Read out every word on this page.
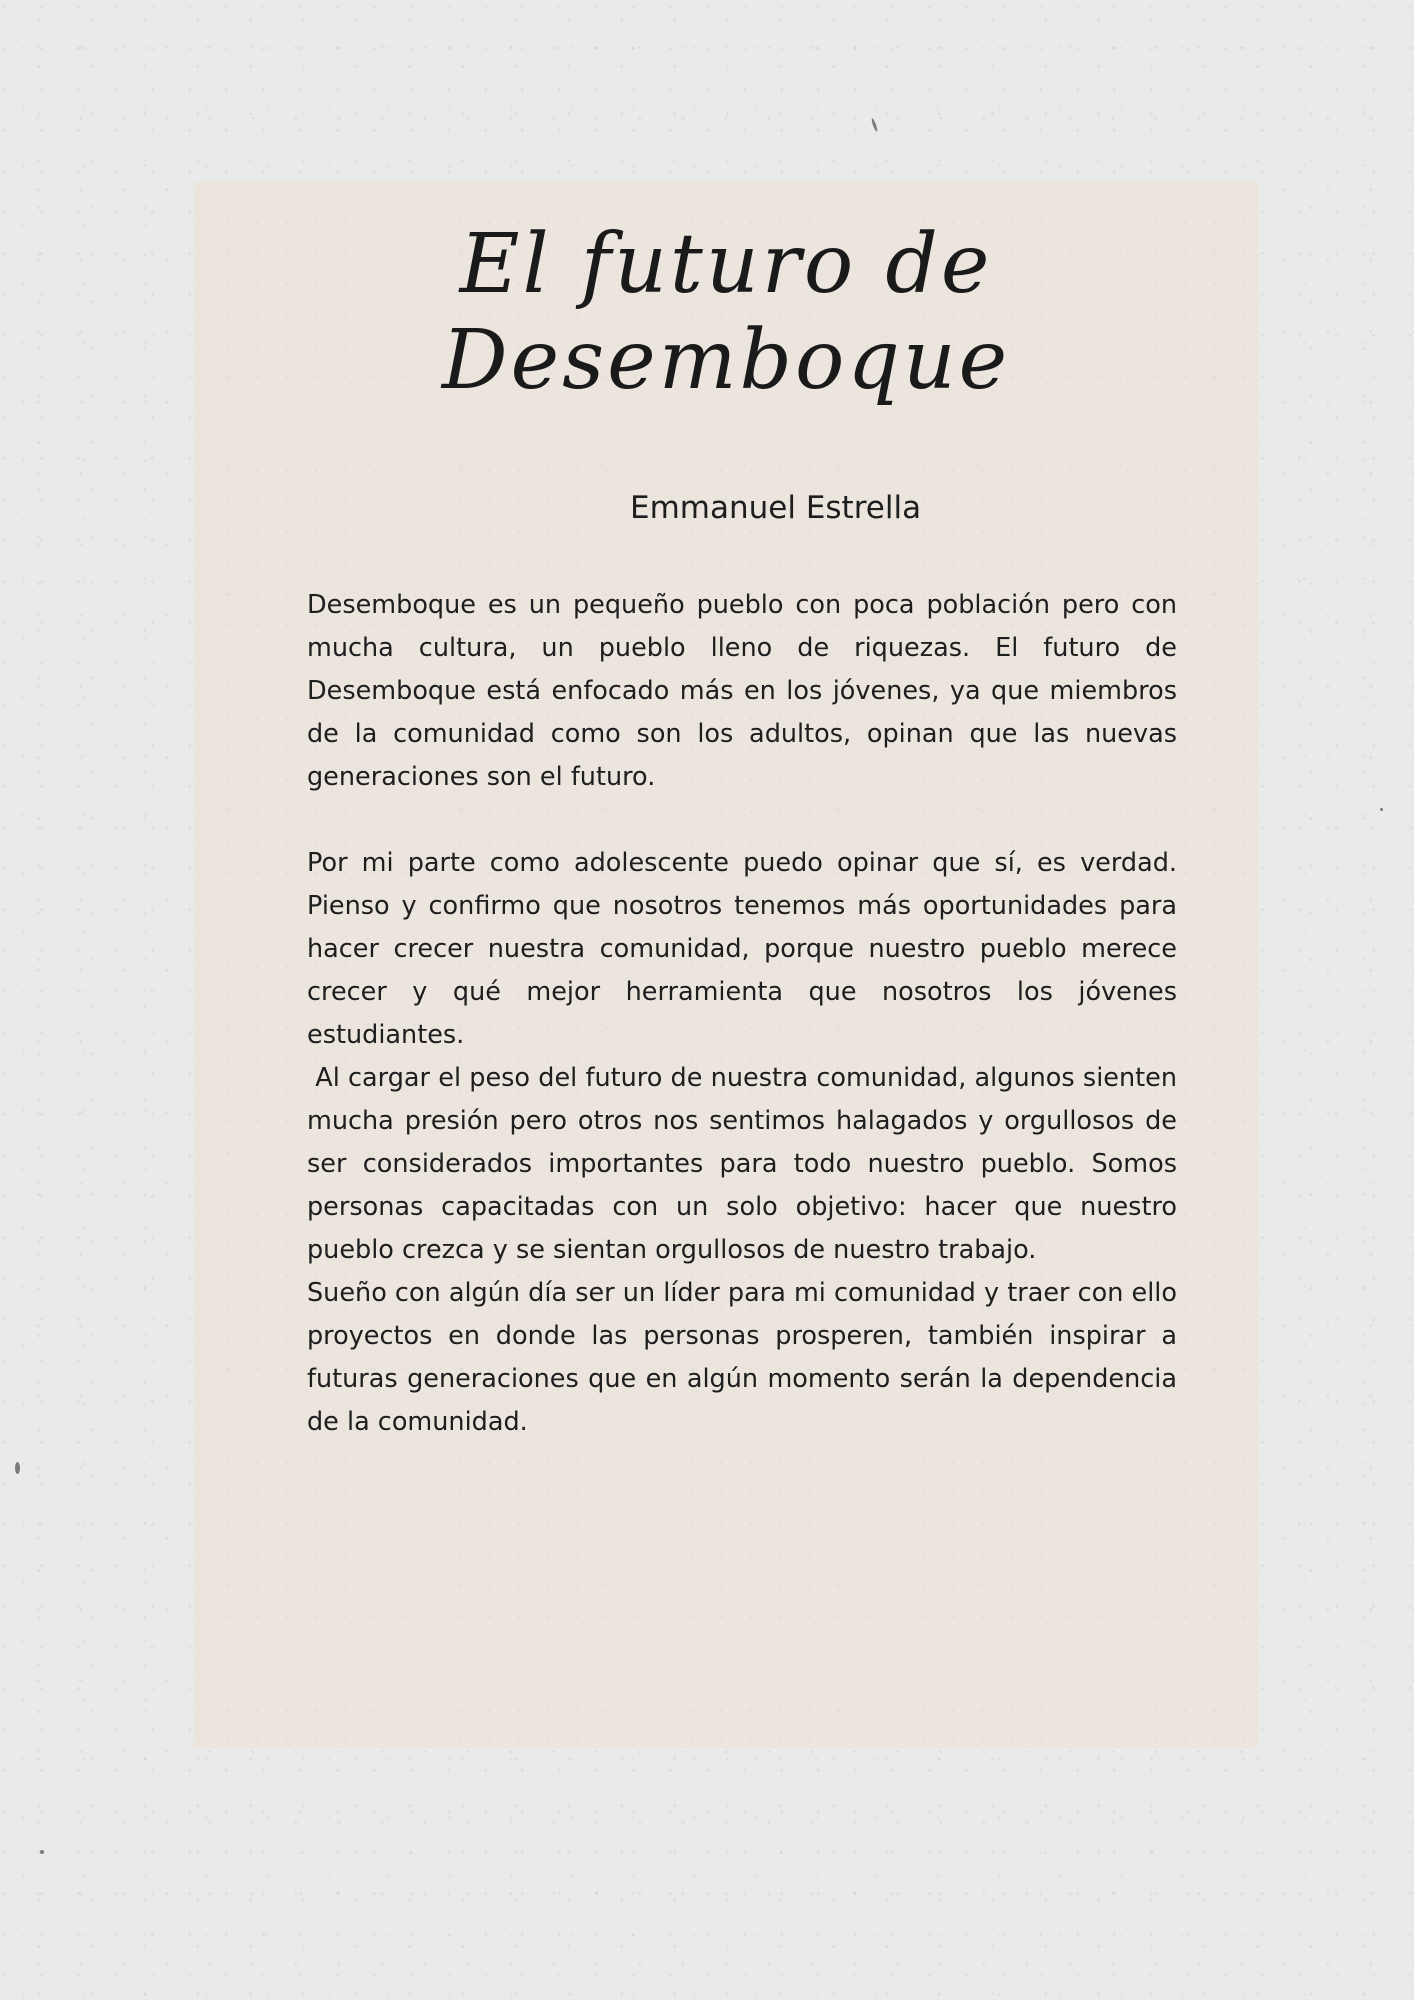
El futuro de Desemboque
Emmanuel Estrella

Desemboque es un pequeño pueblo con poca población pero con mucha cultura, un pueblo lleno de riquezas. El futuro de Desemboque está enfocado más en los jóvenes, ya que miembros de la comunidad como son los adultos, opinan que las nuevas generaciones son el futuro.

Por mi parte como adolescente puedo opinar que sí, es verdad. Pienso y confirmo que nosotros tenemos más oportunidades para hacer crecer nuestra comunidad, porque nuestro pueblo merece crecer y qué mejor herramienta que nosotros los jóvenes estudiantes.

Al cargar el peso del futuro de nuestra comunidad, algunos sienten mucha presión pero otros nos sentimos halagados y orgullosos de ser considerados importantes para todo nuestro pueblo. Somos personas capacitadas con un solo objetivo: hacer que nuestro pueblo crezca y se sientan orgullosos de nuestro trabajo.

Sueño con algún día ser un líder para mi comunidad y traer con ello proyectos en donde las personas prosperen, también inspirar a futuras generaciones que en algún momento serán la dependencia de la comunidad.
